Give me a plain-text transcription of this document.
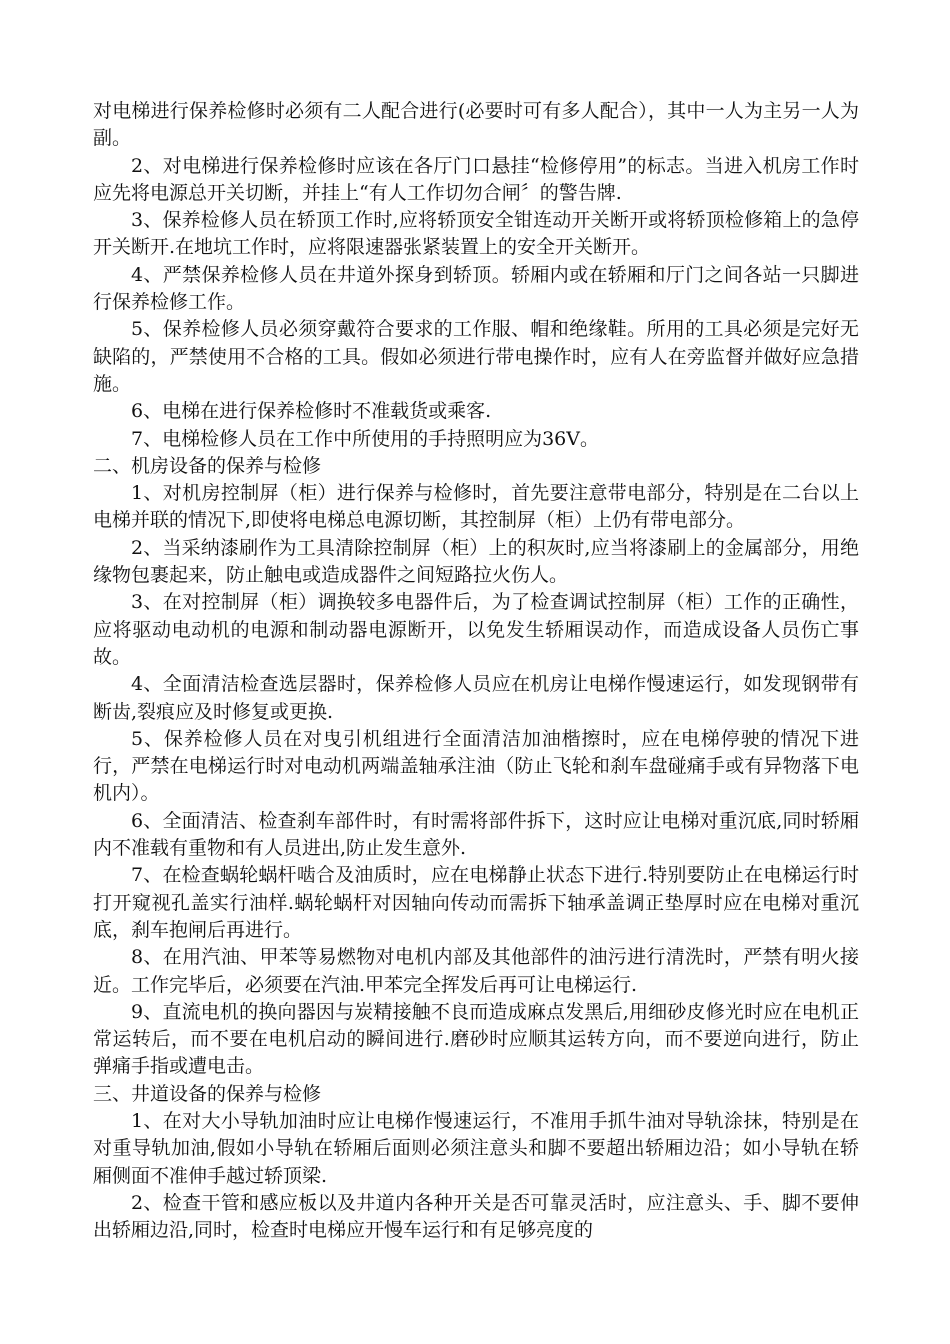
对电梯进行保养检修时必须有二人配合进行(必要时可有多人配合），其中一人为主另一人为副。

2、对电梯进行保养检修时应该在各厅门口悬挂“检修停用”的标志。当进入机房工作时应先将电源总开关切断，并挂上“有人工作切勿合闸〞的警告牌.

3、保养检修人员在轿顶工作时,应将轿顶安全钳连动开关断开或将轿顶检修箱上的急停开关断开.在地坑工作时，应将限速器张紧装置上的安全开关断开。

4、严禁保养检修人员在井道外探身到轿顶。轿厢内或在轿厢和厅门之间各站一只脚进行保养检修工作。

5、保养检修人员必须穿戴符合要求的工作服、帽和绝缘鞋。所用的工具必须是完好无缺陷的，严禁使用不合格的工具。假如必须进行带电操作时，应有人在旁监督并做好应急措施。

6、电梯在进行保养检修时不准载货或乘客.

7、电梯检修人员在工作中所使用的手持照明应为36V。

二、机房设备的保养与检修

1、对机房控制屏（柜）进行保养与检修时，首先要注意带电部分，特别是在二台以上电梯并联的情况下,即使将电梯总电源切断，其控制屏（柜）上仍有带电部分。

2、当采纳漆刷作为工具清除控制屏（柜）上的积灰时,应当将漆刷上的金属部分，用绝缘物包裹起来，防止触电或造成器件之间短路拉火伤人。

3、在对控制屏（柜）调换较多电器件后，为了检查调试控制屏（柜）工作的正确性，应将驱动电动机的电源和制动器电源断开，以免发生轿厢误动作，而造成设备人员伤亡事故。

4、全面清洁检查选层器时，保养检修人员应在机房让电梯作慢速运行，如发现钢带有断齿,裂痕应及时修复或更换.

5、保养检修人员在对曳引机组进行全面清洁加油楷擦时，应在电梯停驶的情况下进行，严禁在电梯运行时对电动机两端盖轴承注油（防止飞轮和刹车盘碰痛手或有异物落下电机内）。

6、全面清洁、检查刹车部件时，有时需将部件拆下，这时应让电梯对重沉底,同时轿厢内不准载有重物和有人员进出,防止发生意外.

7、在检查蜗轮蜗杆啮合及油质时，应在电梯静止状态下进行.特别要防止在电梯运行时打开窥视孔盖实行油样.蜗轮蜗杆对因轴向传动而需拆下轴承盖调正垫厚时应在电梯对重沉底，刹车抱闸后再进行。

8、在用汽油、甲苯等易燃物对电机内部及其他部件的油污进行清洗时，严禁有明火接近。工作完毕后，必须要在汽油.甲苯完全挥发后再可让电梯运行.

9、直流电机的换向器因与炭精接触不良而造成麻点发黑后,用细砂皮修光时应在电机正常运转后，而不要在电机启动的瞬间进行.磨砂时应顺其运转方向，而不要逆向进行，防止弹痛手指或遭电击。

三、井道设备的保养与检修

1、在对大小导轨加油时应让电梯作慢速运行，不准用手抓牛油对导轨涂抹，特别是在对重导轨加油,假如小导轨在轿厢后面则必须注意头和脚不要超出轿厢边沿；如小导轨在轿厢侧面不准伸手越过轿顶梁.

2、检查干管和感应板以及井道内各种开关是否可靠灵活时，应注意头、手、脚不要伸出轿厢边沿,同时，检查时电梯应开慢车运行和有足够亮度的
